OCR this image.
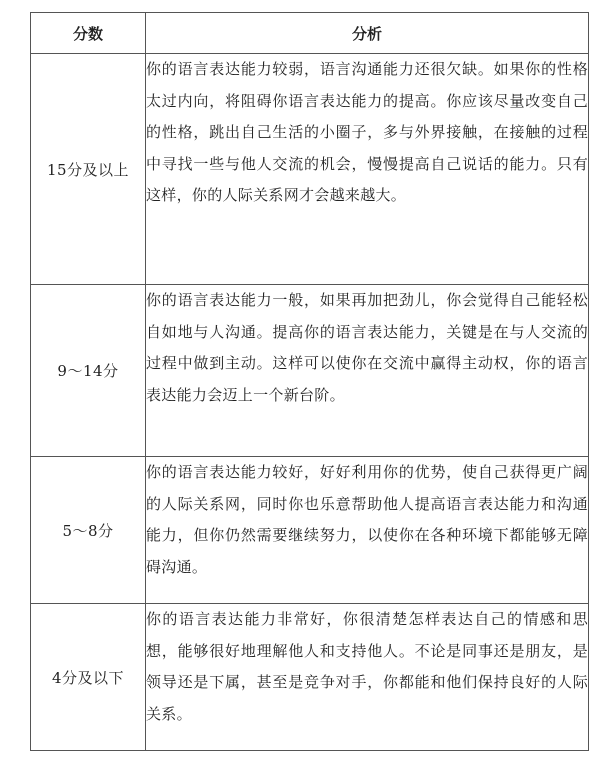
分数	分析
15分及以上	你的语言表达能力较弱，语言沟通能力还很欠缺。如果你的性格太过内向，将阻碍你语言表达能力的提高。你应该尽量改变自己的性格，跳出自己生活的小圈子，多与外界接触，在接触的过程中寻找一些与他人交流的机会，慢慢提高自己说话的能力。只有这样，你的人际关系网才会越来越大。
9～14分	你的语言表达能力一般，如果再加把劲儿，你会觉得自己能轻松自如地与人沟通。提高你的语言表达能力，关键是在与人交流的过程中做到主动。这样可以使你在交流中赢得主动权，你的语言表达能力会迈上一个新台阶。
5～8分	你的语言表达能力较好，好好利用你的优势，使自己获得更广阔的人际关系网，同时你也乐意帮助他人提高语言表达能力和沟通能力，但你仍然需要继续努力，以使你在各种环境下都能够无障碍沟通。
4分及以下	你的语言表达能力非常好，你很清楚怎样表达自己的情感和思想，能够很好地理解他人和支持他人。不论是同事还是朋友，是领导还是下属，甚至是竞争对手，你都能和他们保持良好的人际关系。
